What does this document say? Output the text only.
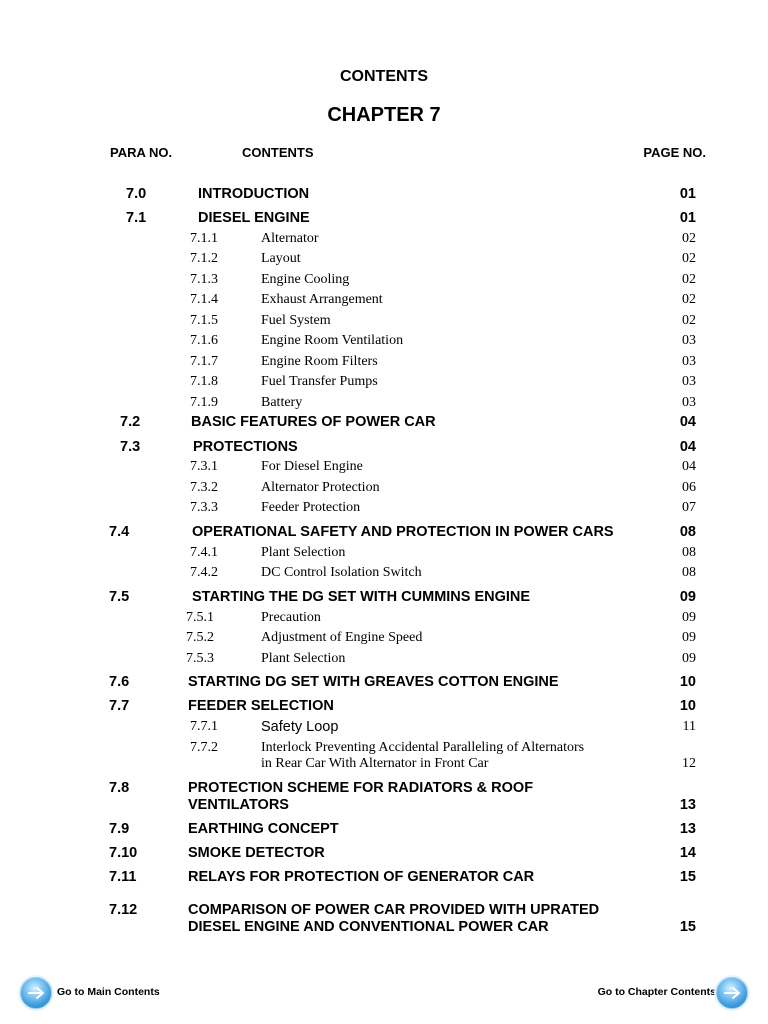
CONTENTS
CHAPTER 7
PARA NO.	CONTENTS	PAGE NO.
7.0	INTRODUCTION	01
7.1	DIESEL ENGINE	01
7.1.1	Alternator	02
7.1.2	Layout	02
7.1.3	Engine Cooling	02
7.1.4	Exhaust Arrangement	02
7.1.5	Fuel System	02
7.1.6	Engine Room Ventilation	03
7.1.7	Engine Room Filters	03
7.1.8	Fuel Transfer Pumps	03
7.1.9	Battery	03
7.2	BASIC FEATURES OF POWER CAR	04
7.3	PROTECTIONS	04
7.3.1	For Diesel Engine	04
7.3.2	Alternator Protection	06
7.3.3	Feeder Protection	07
7.4	OPERATIONAL SAFETY AND PROTECTION IN POWER CARS	08
7.4.1	Plant Selection	08
7.4.2	DC Control Isolation Switch	08
7.5	STARTING THE DG SET WITH CUMMINS ENGINE	09
7.5.1	Precaution	09
7.5.2	Adjustment of Engine Speed	09
7.5.3	Plant Selection	09
7.6	STARTING DG SET WITH GREAVES COTTON ENGINE	10
7.7	FEEDER SELECTION	10
7.7.1	Safety Loop	11
7.7.2	Interlock Preventing Accidental Paralleling of Alternators
in Rear Car With Alternator in Front Car	12
7.8	PROTECTION SCHEME FOR RADIATORS & ROOF
VENTILATORS	13
7.9	EARTHING CONCEPT	13
7.10	SMOKE DETECTOR	14
7.11	RELAYS FOR PROTECTION OF GENERATOR CAR	15
7.12	COMPARISON OF POWER CAR PROVIDED WITH UPRATED
DIESEL ENGINE AND CONVENTIONAL POWER CAR	15
Go to Main Contents	Go to Chapter Contents
